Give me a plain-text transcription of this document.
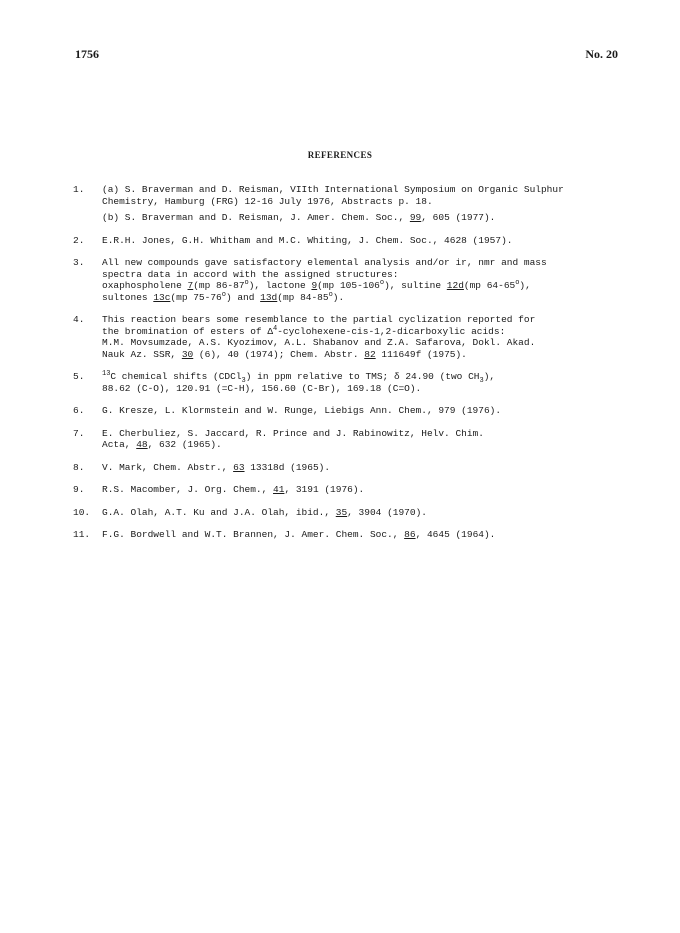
1756	No. 20
REFERENCES
1.	(a) S. Braverman and D. Reisman, VIIth International Symposium on Organic Sulphur
Chemistry, Hamburg (FRG) 12-16 July 1976, Abstracts p. 18.
(b) S. Braverman and D. Reisman, J. Amer. Chem. Soc., 99, 605 (1977).
2.	E.R.H. Jones, G.H. Whitham and M.C. Whiting, J. Chem. Soc., 4628 (1957).
3.	All new compounds gave satisfactory elemental analysis and/or ir, nmr and mass
spectra data in accord with the assigned structures:
oxaphospholene 7(mp 86-87$^o$), lactone 9(mp 105-106$^o$), sultine 12d(mp 64-65$^o$),
sultones 13c(mp 75-76$^o$) and 13d(mp 84-85$^o$).
4.	This reaction bears some resemblance to the partial cyclization reported for
the bromination of esters of $\Delta^4-cyclohexene-cis-1,2$-dicarboxylic acids:
M.M. Movsumzade, A.S. Kyozimov, A.L. Shabanov and Z.A. Safarova, Dokl. Akad.
Nauk Az. SSR, 30 (6), 40 (1974); Chem. Abstr. 82 111649f (1975).
5.	$^{13}$C chemical shifts (CDCl$_3$) in ppm relative to TMS; δ 24.90 (two $CH_3$),
88.62 (C-O), 120.91 (=C-H), 156.60 (C-Br), 169.18 (C=O).
6.	G. Kresze, L. Klormstein and W. Runge, Liebigs Ann. Chem., 979 (1976).
7.	E. Cherbuliez, S. Jaccard, R. Prince and J. Rabinowitz, Helv. Chim.
Acta, 48, 632 (1965).
8.	V. Mark, Chem. Abstr., 63 13318d (1965).
9.	R.S. Macomber, J. Org. Chem., 41, 3191 (1976).
10.	G.A. Olah, A.T. Ku and J.A. Olah, ibid., 35, 3904 (1970).
11.	F.G. Bordwell and W.T. Brannen, J. Amer. Chem. Soc., 86, 4645 (1964).
